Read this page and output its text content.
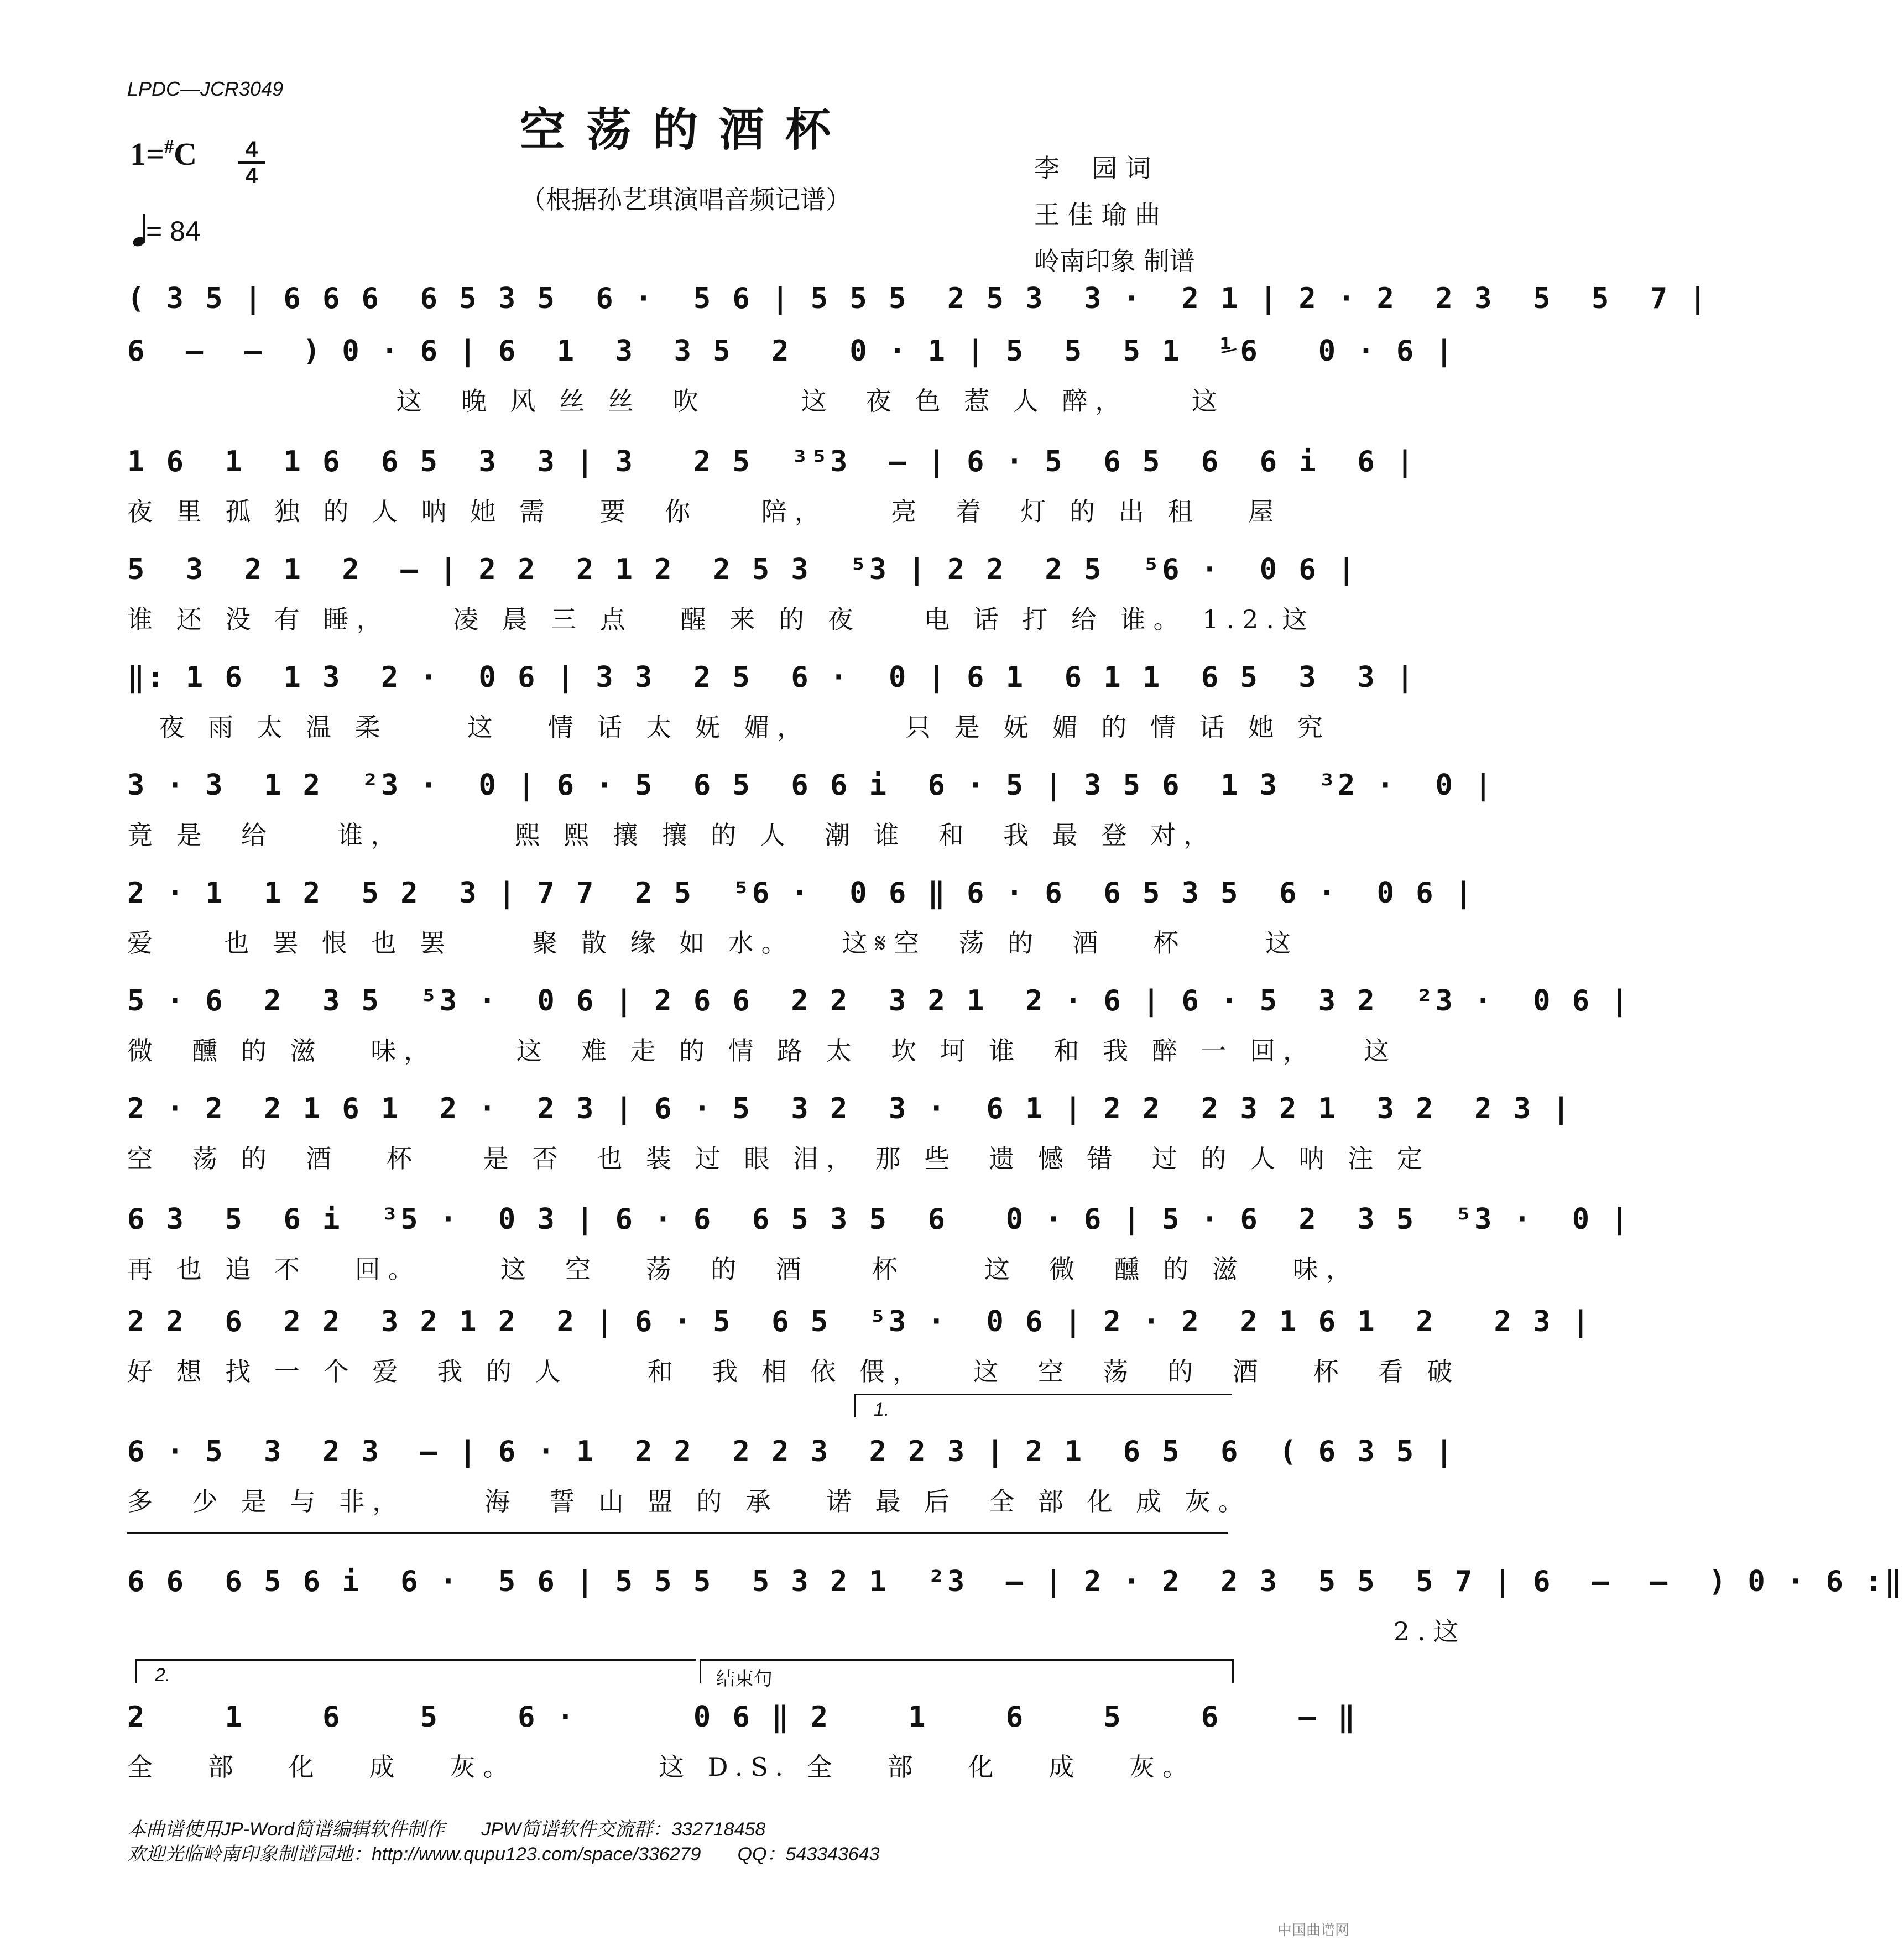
LPDC—JCR3049
空荡的酒杯
（根据孙艺琪演唱音频记谱）
1=#C	4
4
= 84
李    园 词
王 佳 瑜 曲
岭南印象 制谱
( 3 5 | 6 6 6  6 5 3 5  6 ·  5 6 | 5 5 5  2 5 3  3 ·  2 1 | 2 · 2  2 3  5  5  7 |
6  –  –  ) 0 · 6 | 6  1  3  3 5  2   0 · 1 | 5  5  5 1  ⅟6   0 · 6 |
这  晚 风 丝 丝  吹      这  夜 色 惹 人 醉，    这
1 6  1  1 6  6 5  3  3 | 3   2 5  ³⁵3  – | 6 · 5  6 5  6  6 i  6 |
夜 里 孤 独 的 人 呐 她 需   要  你    陪，    亮  着  灯 的 出 租   屋
5  3  2 1  2  – | 2 2  2 1 2  2 5 3  ⁵3 | 2 2  2 5  ⁵6 ·  0 6 |
谁 还 没 有 睡，    凌 晨 三 点   醒 来 的 夜    电 话 打 给 谁。 1.2.这
‖: 1 6  1 3  2 ·  0 6 | 3 3  2 5  6 ·  0 | 6 1  6 1 1  6 5  3  3 |
夜 雨 太 温 柔     这   情 话 太 妩 媚，      只 是 妩 媚 的 情 话 她 究
3 · 3  1 2  ²3 ·  0 | 6 · 5  6 5  6 6 i  6 · 5 | 3 5 6  1 3  ³2 ·  0 |
竟 是  给    谁，       熙 熙 攘 攘 的 人  潮 谁  和  我 最 登 对，
2 · 1  1 2  5 2  3 | 7 7  2 5  ⁵6 ·  0 6 ‖ 6 · 6  6 5 3 5  6 ·  0 6 |
爱    也 罢 恨 也 罢     聚 散 缘 如 水。   这𝄋空  荡 的  酒   杯     这
5 · 6  2  3 5  ⁵3 ·  0 6 | 2 6 6  2 2  3 2 1  2 · 6 | 6 · 5  3 2  ²3 ·  0 6 |
微  醺 的 滋   味，     这  难 走 的 情 路 太  坎 坷 谁  和 我 醉 一 回，   这
2 · 2  2 1 6 1  2 ·  2 3 | 6 · 5  3 2  3 ·  6 1 | 2 2  2 3 2 1  3 2  2 3 |
空  荡 的  酒   杯    是 否  也 装 过 眼 泪， 那 些  遗 憾 错  过 的 人 呐 注 定
6 3  5  6 i  ³5 ·  0 3 | 6 · 6  6 5 3 5  6   0 · 6 | 5 · 6  2  3 5  ⁵3 ·  0 |
再 也 追 不   回。     这  空   荡  的  酒    杯     这  微  醺 的 滋   味，
2 2  6  2 2  3 2 1 2  2 | 6 · 5  6 5  ⁵3 ·  0 6 | 2 · 2  2 1 6 1  2   2 3 |
好 想 找 一 个 爱  我 的 人     和  我 相 依 偎，   这  空  荡  的  酒   杯  看 破
1.
6 · 5  3  2 3  – | 6 · 1  2 2  2 2 3  2 2 3 | 2 1  6 5  6  ( 6 3 5 |
多  少 是 与 非，     海  誓 山 盟 的 承   诺 最 后  全 部 化 成 灰。
6 6  6 5 6 i  6 ·  5 6 | 5 5 5  5 3 2 1  ²3  – | 2 · 2  2 3  5 5  5 7 | 6  –  –  ) 0 · 6 :‖
2.这
2.	结束句
2    1    6    5    6 ·      0 6 ‖ 2    1    6    5    6    – ‖
全   部   化   成   灰。         这 D.S. 全   部   化   成   灰。
本曲谱使用JP-Word简谱编辑软件制作       JPW简谱软件交流群：332718458
欢迎光临岭南印象制谱园地：http://www.qupu123.com/space/336279       QQ：543343643
中国曲谱网
